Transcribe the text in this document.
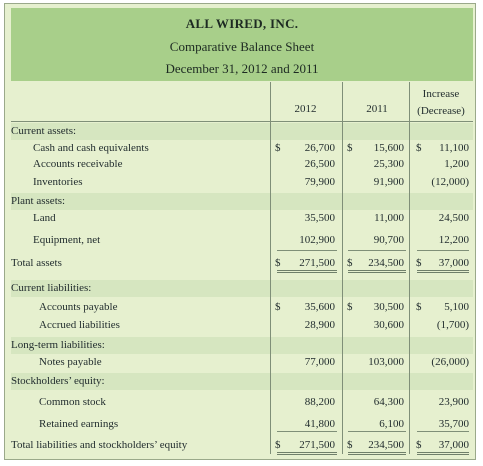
ALL WIRED, INC.
Comparative Balance Sheet
December 31, 2012 and 2011
Increase
(Decrease)
2012	2011
Current assets:
Cash and cash equivalents	$	26,700 $	15,600 $	11,100
Accounts receivable	26,500	25,300	1,200
Inventories	79,900	91,900	(12,000)
Plant assets:
Land	35,500	11,000	24,500
Equipment, net	102,900	90,700	12,200
Total assets	$	271,500 $	234,500 $	37,000
Current liabilities:
Accounts payable	$	35,600 $	30,500 $	5,100
Accrued liabilities	28,900	30,600	(1,700)
Long-term liabilities:
Notes payable	77,000	103,000	(26,000)
Stockholders’ equity:
Common stock	88,200	64,300	23,900
Retained earnings	41,800	6,100	35,700
Total liabilities and stockholders’ equity	$	271,500 $	234,500 $	37,000
